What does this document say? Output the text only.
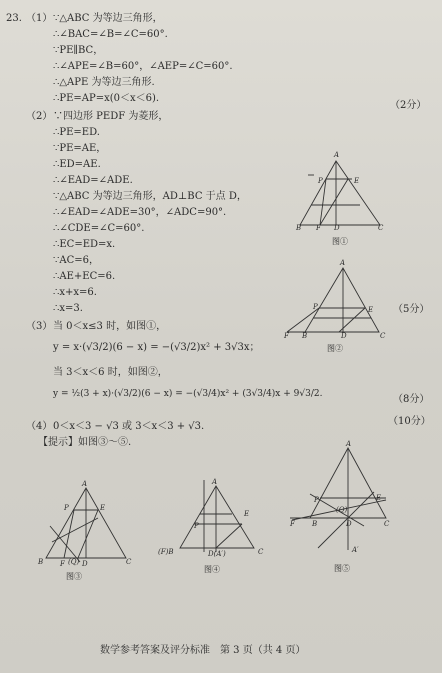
23. （1） ∵△ABC 为等边三角形，
∴∠BAC=∠B=∠C=60°.
∵PE∥BC，
∴∠APE=∠B=60°，∠AEP=∠C=60°.
∴△APE 为等边三角形.
∴PE=AP=x(0＜x＜6).
（2分）
（2） ∵四边形 PEDF 为菱形，
∴PE=ED.
∵PE=AE，
∴ED=AE.
∴∠EAD=∠ADE.
∵△ABC 为等边三角形，AD⊥BC 于点 D，
∴∠EAD=∠ADE=30°，∠ADC=90°.
∴∠CDE=∠C=60°.
∴EC=ED=x.
∵AC=6，
∴AE+EC=6.
∴x+x=6.
∴x=3.	（5分）
（3） 当 0＜x≤3 时，如图①，
y = x·(√3/2)(6 − x) = −(√3/2)x² + 3√3x；
当 3＜x＜6 时，如图②，
y = ½(3 + x)·(√3/2)(6 − x) = −(√3/4)x² + (3√3/4)x + 9√3/2.	（8分）
（10分）
（4） 0＜x＜3 − √3 或 3＜x＜3 + √3.
【提示】如图③～⑤.
A
P	E
B F D	C
图①
A
P	E
F B	D	C
图②
A
P	E
B F (Q) D	C
图③
A
P
E
(F)B	D(A′)	C
图④
A
P	E
F B
(Q)
D	C
A′
图⑤
数学参考答案及评分标准　第 3 页（共 4 页）
